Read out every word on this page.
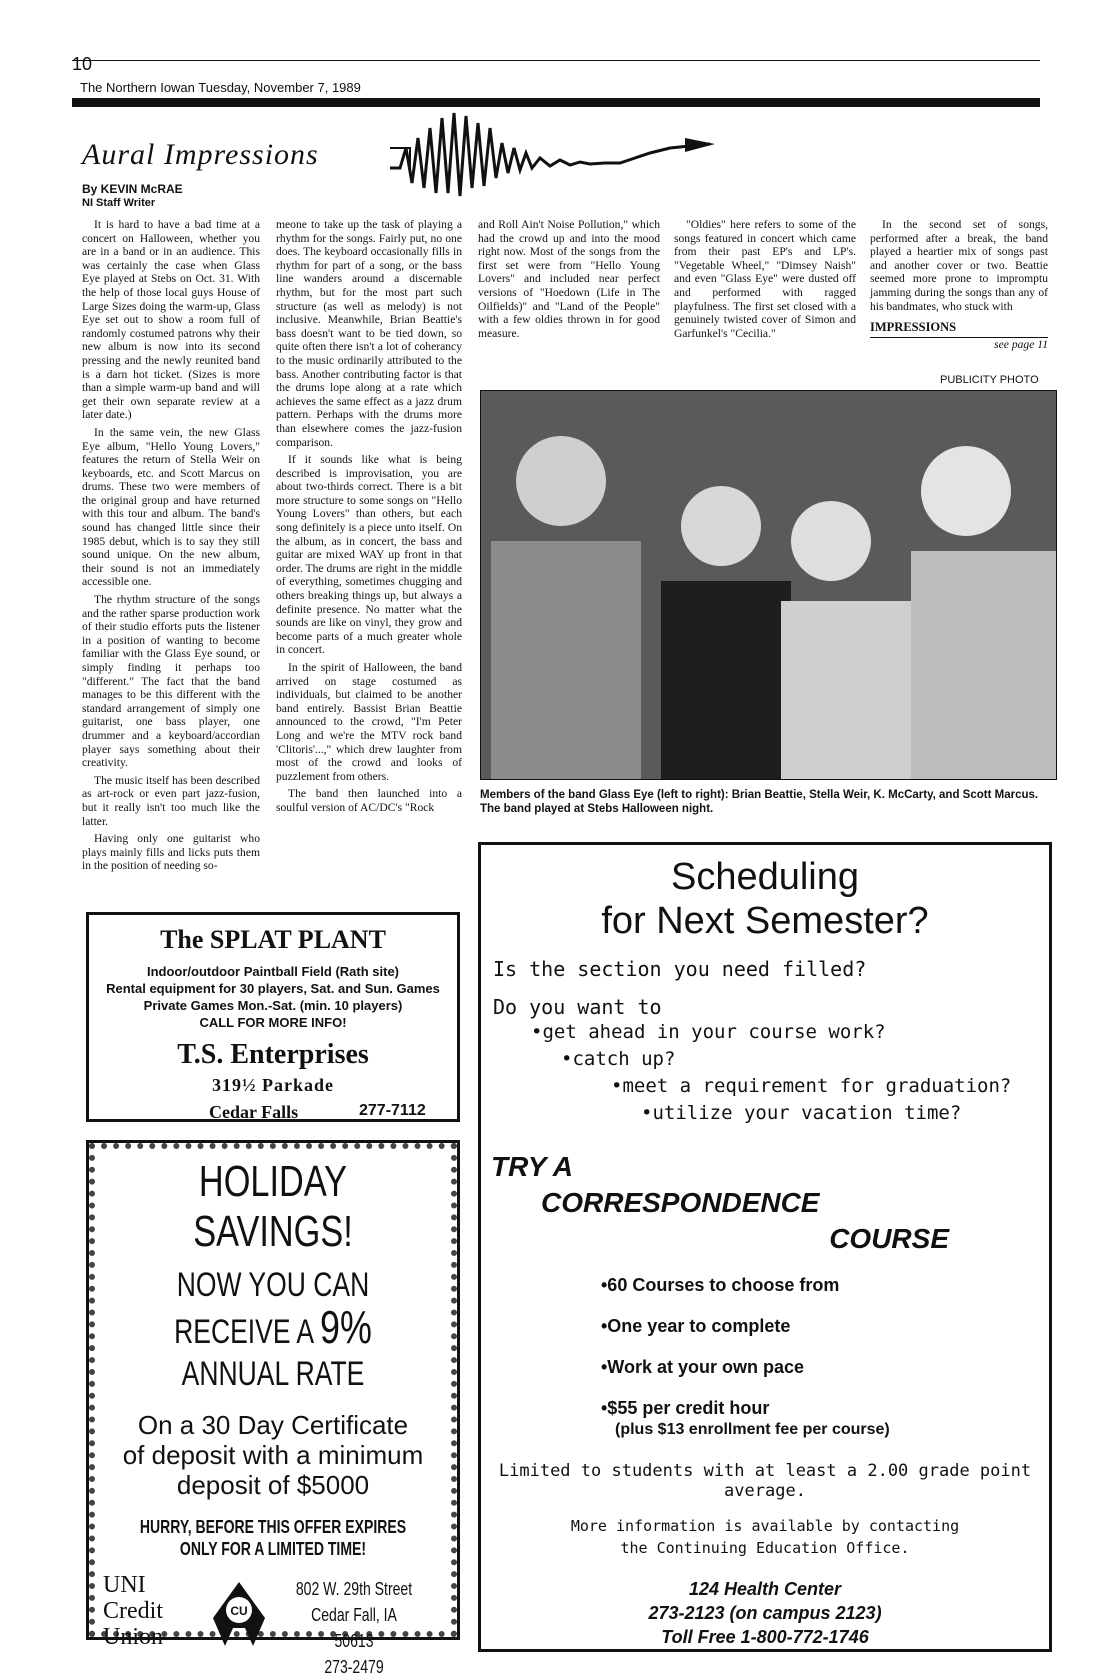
10
The Northern Iowan Tuesday, November 7, 1989
Aural Impressions
By KEVIN McRAE
NI Staff Writer

It is hard to have a bad time at a concert on Halloween, whether you are in a band or in an audience. This was certainly the case when Glass Eye played at Stebs on Oct. 31. With the help of those local guys House of Large Sizes doing the warm-up, Glass Eye set out to show a room full of randomly costumed patrons why their new album is now into its second pressing and the newly reunited band is a darn hot ticket. (Sizes is more than a simple warm-up band and will get their own separate review at a later date.)

In the same vein, the new Glass Eye album, "Hello Young Lovers," features the return of Stella Weir on keyboards, etc. and Scott Marcus on drums. These two were members of the original group and have returned with this tour and album. The band's sound has changed little since their 1985 debut, which is to say they still sound unique. On the new album, their sound is not an immediately accessible one.

The rhythm structure of the songs and the rather sparse production work of their studio efforts puts the listener in a position of wanting to become familiar with the Glass Eye sound, or simply finding it perhaps too "different." The fact that the band manages to be this different with the standard arrangement of simply one guitarist, one bass player, one drummer and a keyboard/accordian player says something about their creativity.

The music itself has been described as art-rock or even part jazz-fusion, but it really isn't too much like the latter.

Having only one guitarist who plays mainly fills and licks puts them in the position of needing so-

meone to take up the task of playing a rhythm for the songs. Fairly put, no one does. The keyboard occasionally fills in rhythm for part of a song, or the bass line wanders around a discernable rhythm, but for the most part such structure (as well as melody) is not inclusive. Meanwhile, Brian Beattie's bass doesn't want to be tied down, so quite often there isn't a lot of coherancy to the music ordinarily attributed to the bass. Another contributing factor is that the drums lope along at a rate which achieves the same effect as a jazz drum pattern. Perhaps with the drums more than elsewhere comes the jazz-fusion comparison.

If it sounds like what is being described is improvisation, you are about two-thirds correct. There is a bit more structure to some songs on "Hello Young Lovers" than others, but each song definitely is a piece unto itself. On the album, as in concert, the bass and guitar are mixed WAY up front in that order. The drums are right in the middle of everything, sometimes chugging and others breaking things up, but always a definite presence. No matter what the sounds are like on vinyl, they grow and become parts of a much greater whole in concert.

In the spirit of Halloween, the band arrived on stage costumed as individuals, but claimed to be another band entirely. Bassist Brian Beattie announced to the crowd, "I'm Peter Long and we're the MTV rock band 'Clitoris'...," which drew laughter from most of the crowd and looks of puzzlement from others.

The band then launched into a soulful version of AC/DC's "Rock

and Roll Ain't Noise Pollution," which had the crowd up and into the mood right now. Most of the songs from the first set were from "Hello Young Lovers" and included near perfect versions of "Hoedown (Life in The Oilfields)" and "Land of the People" with a few oldies thrown in for good measure.

"Oldies" here refers to some of the songs featured in concert which came from their past EP's and LP's. "Vegetable Wheel," "Dimsey Naish" and even "Glass Eye" were dusted off and performed with ragged playfulness. The first set closed with a genuinely twisted cover of Simon and Garfunkel's "Cecilia."

In the second set of songs, performed after a break, the band played a heartier mix of songs past and another cover or two. Beattie seemed more prone to impromptu jamming during the songs than any of his bandmates, who stuck with

IMPRESSIONS
see page 11
PUBLICITY PHOTO
Members of the band Glass Eye (left to right): Brian Beattie, Stella Weir, K. McCarty, and Scott Marcus. The band played at Stebs Halloween night.
The SPLAT PLANT
Indoor/outdoor Paintball Field (Rath site)
Rental equipment for 30 players, Sat. and Sun. Games
Private Games Mon.-Sat. (min. 10 players)
CALL FOR MORE INFO!
T.S. Enterprises
319½ Parkade
Cedar Falls	277-7112
HOLIDAY SAVINGS!
NOW YOU CAN
RECEIVE A 9%
ANNUAL RATE
On a 30 Day Certificate
of deposit with a minimum
deposit of $5000
HURRY, BEFORE THIS OFFER EXPIRES
ONLY FOR A LIMITED TIME!
UNI
Credit
Union
CU
802 W. 29th Street
Cedar Fall, IA 50613
273-2479
Scheduling
for Next Semester?
Is the section you need filled?
Do you want to
•get ahead in your course work?
•catch up?
•meet a requirement for graduation?
•utilize your vacation time?
TRY A
CORRESPONDENCE
COURSE
•60 Courses to choose from
•One year to complete
•Work at your own pace
•$55 per credit hour
(plus $13 enrollment fee per course)
Limited to students with at least a 2.00 grade point average.
More information is available by contacting
the Continuing Education Office.
124 Health Center
273-2123 (on campus 2123)
Toll Free 1-800-772-1746
